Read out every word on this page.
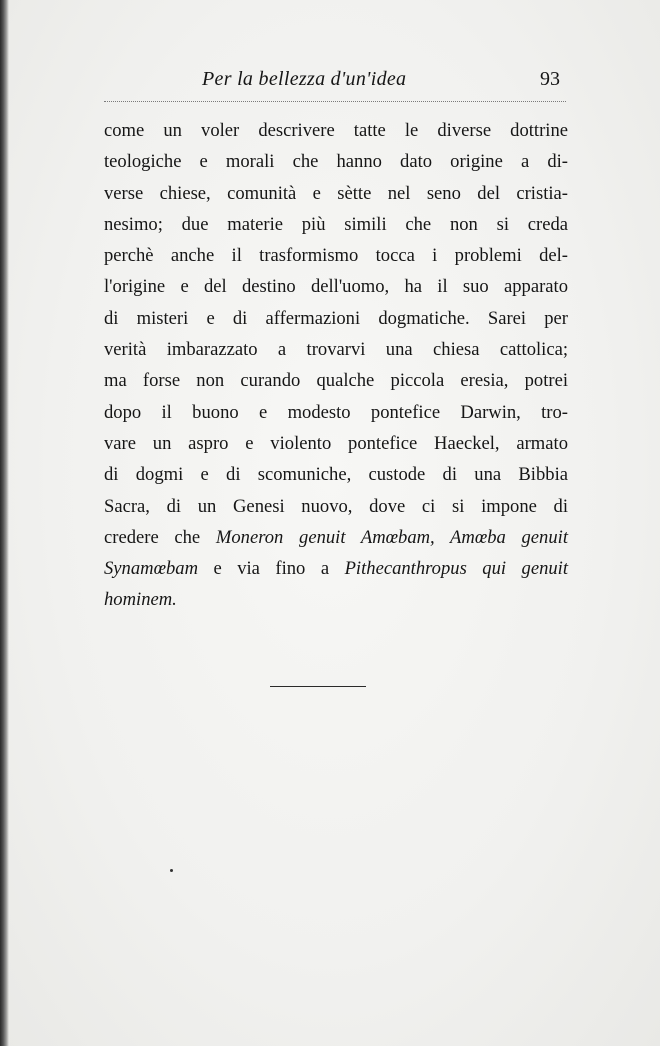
Per la bellezza d'un'idea	93
come un voler descrivere tatte le diverse dottrine
teologiche e morali che hanno dato origine a di-
verse chiese, comunità e sètte nel seno del cristia-
nesimo; due materie più simili che non si creda
perchè anche il trasformismo tocca i problemi del-
l'origine e del destino dell'uomo, ha il suo apparato
di misteri e di affermazioni dogmatiche. Sarei per
verità imbarazzato a trovarvi una chiesa cattolica;
ma forse non curando qualche piccola eresia, potrei
dopo il buono e modesto pontefice Darwin, tro-
vare un aspro e violento pontefice Haeckel, armato
di dogmi e di scomuniche, custode di una Bibbia
Sacra, di un Genesi nuovo, dove ci si impone di
credere che Moneron genuit Amœbam, Amœba genuit
Synamœbam e via fino a Pithecanthropus qui genuit
hominem.
